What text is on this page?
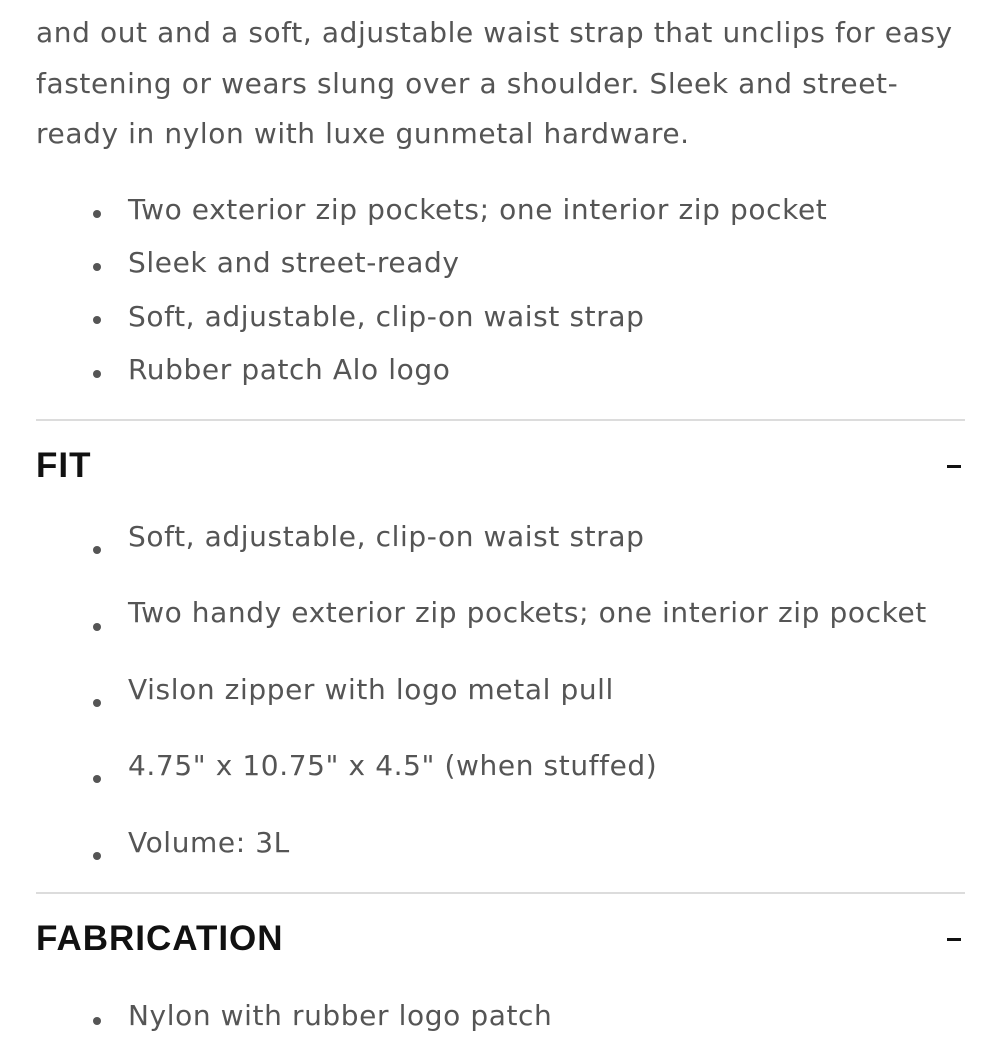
and out and a soft, adjustable waist strap that unclips for easy fastening or wears slung over a shoulder. Sleek and street-ready in nylon with luxe gunmetal hardware.

Two exterior zip pockets; one interior zip pocket
Sleek and street-ready
Soft, adjustable, clip-on waist strap
Rubber patch Alo logo
FIT
Soft, adjustable, clip-on waist strap
Two handy exterior zip pockets; one interior zip pocket
Vislon zipper with logo metal pull
4.75" x 10.75" x 4.5" (when stuffed)
Volume: 3L
FABRICATION
Nylon with rubber logo patch
